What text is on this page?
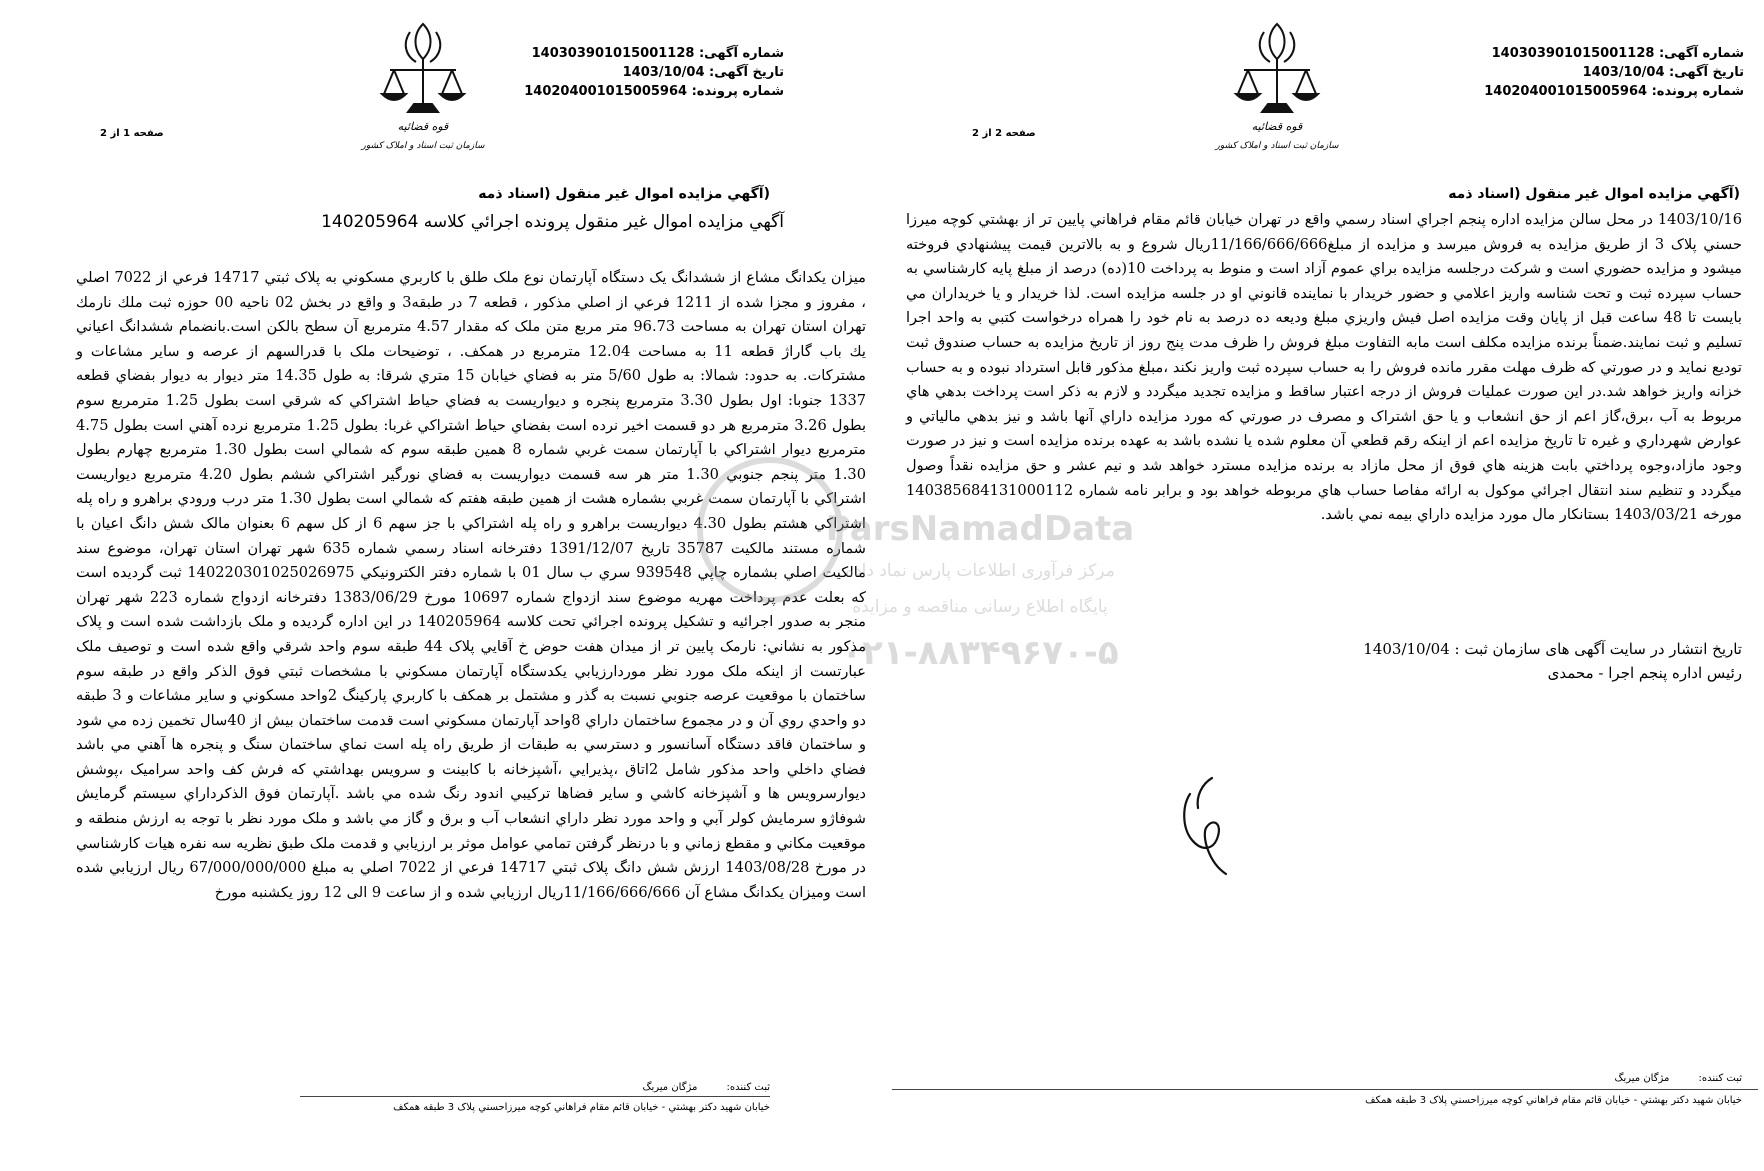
شماره آگهی: 140303901015001128
تاریخ آگهی: 1403/10/04
شماره پرونده: 140204001015005964
قوه قضائيه
سازمان ثبت اسناد و املاک کشور
صفحه 1 از 2
(آگهي مزايده اموال غير منقول (اسناد ذمه
آگهي مزايده اموال غير منقول پرونده اجرائي کلاسه 140205964
ميزان يکدانگ مشاع از ششدانگ يک دستگاه آپارتمان نوع ملک طلق با کاربري مسکوني به پلاک ثبتي 14717 فرعي از 7022 اصلي ، مفروز و مجزا شده از 1211 فرعي از اصلي مذکور ، قطعه 7 در طبقه3 و واقع در بخش 02 ناحيه 00 حوزه ثبت ملك نارمك تهران استان تهران به مساحت 96.73 متر مربع متن ملک که مقدار 4.57 مترمربع آن سطح بالکن است.بانضمام ششدانگ اعياني يك باب گاراژ قطعه 11 به مساحت 12.04 مترمربع در همکف. ، توضيحات ملک با قدرالسهم از عرصه و ساير مشاعات و مشترکات. به حدود: شمالا: به طول 5/60 متر به فضاي خيابان 15 متري شرقا: به طول 14.35 متر ديوار به ديوار بفضاي قطعه 1337 جنوبا: اول بطول 3.30 مترمربع پنجره و ديواريست به فضاي حياط اشتراکي که شرقي است بطول 1.25 مترمربع سوم بطول 3.26 مترمربع هر دو قسمت اخير نرده است بفضاي حياط اشتراکي غربا: بطول 1.25 مترمربع نرده آهني است بطول 4.75 مترمربع ديوار اشتراكي با آپارتمان سمت غربي شماره 8 همين طبقه سوم که شمالي است بطول 1.30 مترمربع چهارم بطول 1.30 متر پنجم جنوبي 1.30 متر هر سه قسمت ديواريست به فضاي نورگير اشتراکي ششم بطول 4.20 مترمربع ديواريست اشتراکي با آپارتمان سمت غربي بشماره هشت از همين طبقه هفتم که شمالي است بطول 1.30 متر درب ورودي براهرو و راه پله اشتراکي هشتم بطول 4.30 ديواريست براهرو و راه پله اشتراکي با جز سهم 6 از کل سهم 6 بعنوان مالک شش دانگ اعيان با شماره مستند مالکيت 35787 تاريخ 1391/12/07 دفترخانه اسناد رسمي شماره 635 شهر تهران استان تهران، موضوع سند مالکيت اصلي بشماره چاپي 939548 سري ب سال 01 با شماره دفتر الکترونيکي 140220301025026975 ثبت گرديده است که بعلت عدم پرداخت مهريه موضوع سند ازدواج شماره 10697 مورخ 1383/06/29 دفترخانه ازدواج شماره 223 شهر تهران منجر به صدور اجرائيه و تشکيل پرونده اجرائي تحت کلاسه 140205964 در اين اداره گرديده و ملک بازداشت شده است و پلاک مذکور به نشاني: نارمک پايين تر از ميدان هفت حوض خ آقايي پلاک 44 طبقه سوم واحد شرقي واقع شده است و توصيف ملک عبارتست از اينکه ملک مورد نظر موردارزيابي يکدستگاه آپارتمان مسکوني با مشخصات ثبتي فوق الذکر واقع در طبقه سوم ساختمان با موقعيت عرصه جنوبي نسبت به گذر و مشتمل بر همکف با کاربري پارکينگ 2واحد مسکوني و ساير مشاعات و 3 طبقه دو واحدي روي آن و در مجموع ساختمان داراي 8واحد آپارتمان مسکوني است قدمت ساختمان بيش از 40سال تخمين زده مي شود و ساختمان فاقد دستگاه آسانسور و دسترسي به طبقات از طريق راه پله است نماي ساختمان سنگ و پنجره ها آهني مي باشد فضاي داخلي واحد مذکور شامل 2اتاق ،پذيرايي ،آشپزخانه با کابينت و سرويس بهداشتي که فرش کف واحد سراميک ،پوشش ديوارسرويس ها و آشپزخانه کاشي و ساير فضاها ترکيبي اندود رنگ شده مي باشد .آپارتمان فوق الذکرداراي سيستم گرمايش شوفاژو سرمايش کولر آبي و واحد مورد نظر داراي انشعاب آب و برق و گاز مي باشد و ملک مورد نظر با توجه به ارزش منطقه و موقعيت مکاني و مقطع زماني و با درنظر گرفتن تمامي عوامل موثر بر ارزيابي و قدمت ملک طبق نظريه سه نفره هيات کارشناسي در مورخ 1403/08/28 ارزش شش دانگ پلاک ثبتي 14717 فرعي از 7022 اصلي به مبلغ 67/000/000/000 ريال ارزيابي شده است وميزان يکدانگ مشاع آن 11/166/666/666ريال ارزيابي شده و از ساعت 9 الى 12 روز يكشنبه مورخ
ثبت کننده: مژگان ميربگ
خيابان شهيد دكتر بهشتي - خيابان قائم مقام فراهاني كوچه ميرزاحسني پلاک 3 طبقه همكف
شماره آگهی: 140303901015001128
تاریخ آگهی: 1403/10/04
شماره پرونده: 140204001015005964
قوه قضائيه
سازمان ثبت اسناد و املاک کشور
صفحه 2 از 2
(آگهي مزايده اموال غير منقول (اسناد ذمه
1403/10/16 در محل سالن مزايده اداره پنجم اجراي اسناد رسمي واقع در تهران خيابان قائم مقام فراهاني پايين تر از بهشتي کوچه ميرزا حسني پلاک 3 از طريق مزايده به فروش ميرسد و مزايده از مبلغ11/166/666/666ريال شروع و به بالاترين قيمت پيشنهادي فروخته ميشود و مزايده حضوري است و شرکت درجلسه مزايده براي عموم آزاد است و منوط به پرداخت 10(ده) درصد از مبلغ پايه کارشناسي به حساب سپرده ثبت و تحت شناسه واريز اعلامي و حضور خريدار با نماينده قانوني او در جلسه مزايده است. لذا خريدار و يا خريداران مي بايست تا 48 ساعت قبل از پايان وقت مزايده اصل فيش واريزي مبلغ وديعه ده درصد به نام خود را همراه درخواست کتبي به واحد اجرا تسليم و ثبت نمايند.ضمناً برنده مزايده مکلف است مابه التفاوت مبلغ فروش را ظرف مدت پنج روز از تاريخ مزايده به حساب صندوق ثبت توديع نمايد و در صورتي که ظرف مهلت مقرر مانده فروش را به حساب سپرده ثبت واريز نکند ،مبلغ مذکور قابل استرداد نبوده و به حساب خزانه واريز خواهد شد.در اين صورت عمليات فروش از درجه اعتبار ساقط و مزايده تجديد ميگردد و لازم به ذکر است پرداخت بدهي هاي مربوط به آب ،برق،گاز اعم از حق انشعاب و يا حق اشتراک و مصرف در صورتي که مورد مزايده داراي آنها باشد و نيز بدهي مالياتي و عوارض شهرداري و غيره تا تاريخ مزايده اعم از اينکه رقم قطعي آن معلوم شده يا نشده باشد به عهده برنده مزايده است و نيز در صورت وجود مازاد،وجوه پرداختي بابت هزينه هاي فوق از محل مازاد به برنده مزايده مسترد خواهد شد و نيم عشر و حق مزايده نقداً وصول ميگردد و تنظيم سند انتقال اجرائي موکول به ارائه مفاصا حساب هاي مربوطه خواهد بود و برابر نامه شماره 140385684131000112 مورخه 1403/03/21 بستانکار مال مورد مزايده داراي بيمه نمي باشد.
تاريخ انتشار در سايت آگهی های سازمان ثبت : 1403/10/04
رئيس اداره پنجم اجرا - محمدی
ثبت کننده: مژگان ميربگ
خيابان شهيد دكتر بهشتي - خيابان قائم مقام فراهاني كوچه ميرزاحسني پلاک 3 طبقه همكف
ParsNamadData
مرکز فرآوری اطلاعات پارس نماد داده
پایگاه اطلاع رسانی مناقصه و مزایده
۰۲۱-۸۸۳۴۹۶۷۰-۵
